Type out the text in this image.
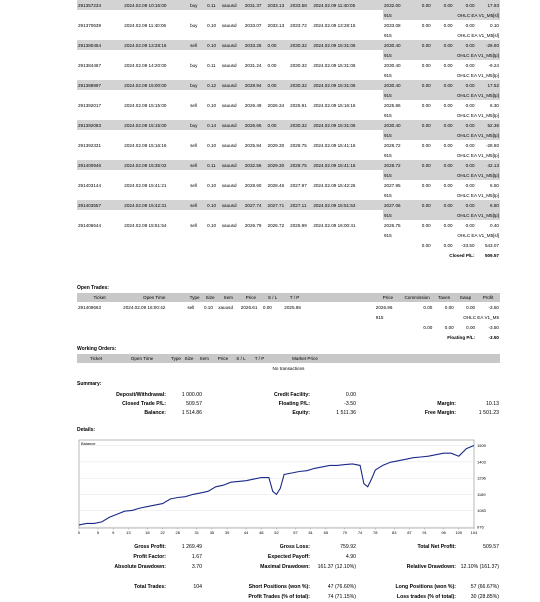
291357234	2024.02.09 10:15:00	buy	0.11	xauusd	2031.37	2033.13	2033.58	2024.02.09 11:40:05	2032.00	0.00	0.00	0.00	17.93
									915	OHLC EA V1_M5[sl]			
291370639	2024.02.09 11:40:06	buy	0.10	xauusd	2033.07	2033.13	2033.72	2024.02.09 13:28:15	2033.08	0.00	0.00	0.00	0.10
									915	OHLC EA V1_M5[sl]			
291380454	2024.02.09 13:28:16	sell	0.10	xauusd	2033.26	0.00	2030.32	2024.02.09 15:31:06	2030.40	0.00	0.00	0.00	-28.60
									915	OHLC EA V1_M5[tp]			
291384467	2024.02.09 14:20:00	buy	0.11	xauusd	2031.24	0.00	2030.32	2024.02.09 15:31:06	2030.40	0.00	0.00	0.00	-9.24
									915	OHLC EA V1_M5[tp]			
291388997	2024.02.09 15:00:00	buy	0.12	xauusd	2028.94	0.00	2030.32	2024.02.09 15:31:06	2030.40	0.00	0.00	0.00	17.52
									915	OHLC EA V1_M5[tp]			
291392017	2024.02.09 15:15:00	sell	0.10	xauusd	2026.49	2026.34	2025.91	2024.02.09 15:16:16	2025.86	0.00	0.00	0.00	6.30
									915	OHLC EA V1_M5[tp]			
291392083	2024.02.09 15:15:00	buy	0.14	xauusd	2026.66	0.00	2030.32	2024.02.09 15:31:06	2030.40	0.00	0.00	0.00	52.36
									915	OHLC EA V1_M5[tp]			
291392331	2024.02.09 15:16:16	sell	0.10	xauusd	2025.84	2029.30	2028.75	2024.02.09 15:41:16	2028.72	0.00	0.00	0.00	-28.80
									915	OHLC EA V1_M5[tp]			
291400946	2024.02.09 15:35:02	sell	0.11	xauusd	2032.55	2029.30	2028.75	2024.02.09 15:41:16	2028.72	0.00	0.00	0.00	42.13
									915	OHLC EA V1_M5[tp]			
291403144	2024.02.09 15:41:21	sell	0.10	xauusd	2028.60	2028.46	2027.97	2024.02.09 15:42:26	2027.95	0.00	0.00	0.00	6.50
									915	OHLC EA V1_M5[tp]			
291403557	2024.02.09 15:42:31	sell	0.10	xauusd	2027.74	2027.71	2027.11	2024.02.09 15:51:53	2027.06	0.00	0.00	0.00	6.80
									915	OHLC EA V1_M5[tp]			
291406644	2024.02.09 15:51:54	sell	0.10	xauusd	2026.79	2026.72	2025.99	2024.02.09 16:00:41	2026.75	0.00	0.00	0.00	0.40
									915	OHLC EA V1_M5[sl]			
										0.00	0.00	-33.50	543.07
										Closed P/L:			509.57
Open Trades:
Ticket	Open Time	Type	Size	Item	Price	S / L	T / P		Price	Commission	Taxes	Swap	Profit
291409663	2024.02.09 16:00:42	sell	0.10	xauusd	2026.61	0.00	2025.95		2026.96	0.00	0.00	0.00	-3.50
									915	OHLC EA V1_M5			
										0.00	0.00	0.00	-3.50
										Floating P/L:			-3.50
Working Orders:
Ticket	Open Time	Type	Size	Item	Price	S / L	T / P	Market Price	
No transactions
Summary:
Deposit/Withdrawal:	1 000.00	Credit Facility:	0.00		
Closed Trade P/L:	509.57	Floating P/L:	-3.50	Margin:	10.13
Balance:	1 514.86	Equity:	1 511.36	Free Margin:	1 501.23
Details:
976
1083
1189
1296
1403
1509
0	5	9	13	18	22	26	31	35	39	44	48	52	57	61	65	70	74	78	83	87	91	96 100 104
Balance
Gross Profit:	1 269.49	Gross Loss:	759.92	Total Net Profit:	509.57
Profit Factor:	1.67	Expected Payoff:	4.90		
Absolute Drawdown:	3.70	Maximal Drawdown:	161.37 (12.10%)	Relative Drawdown:	12.10% (161.37)

Total Trades:	104	Short Positions (won %):	47 (76.60%)	Long Positions (won %):	57 (66.67%)
		Profit Trades (% of total):	74 (71.15%)	Loss trades (% of total):	30 (28.85%)
